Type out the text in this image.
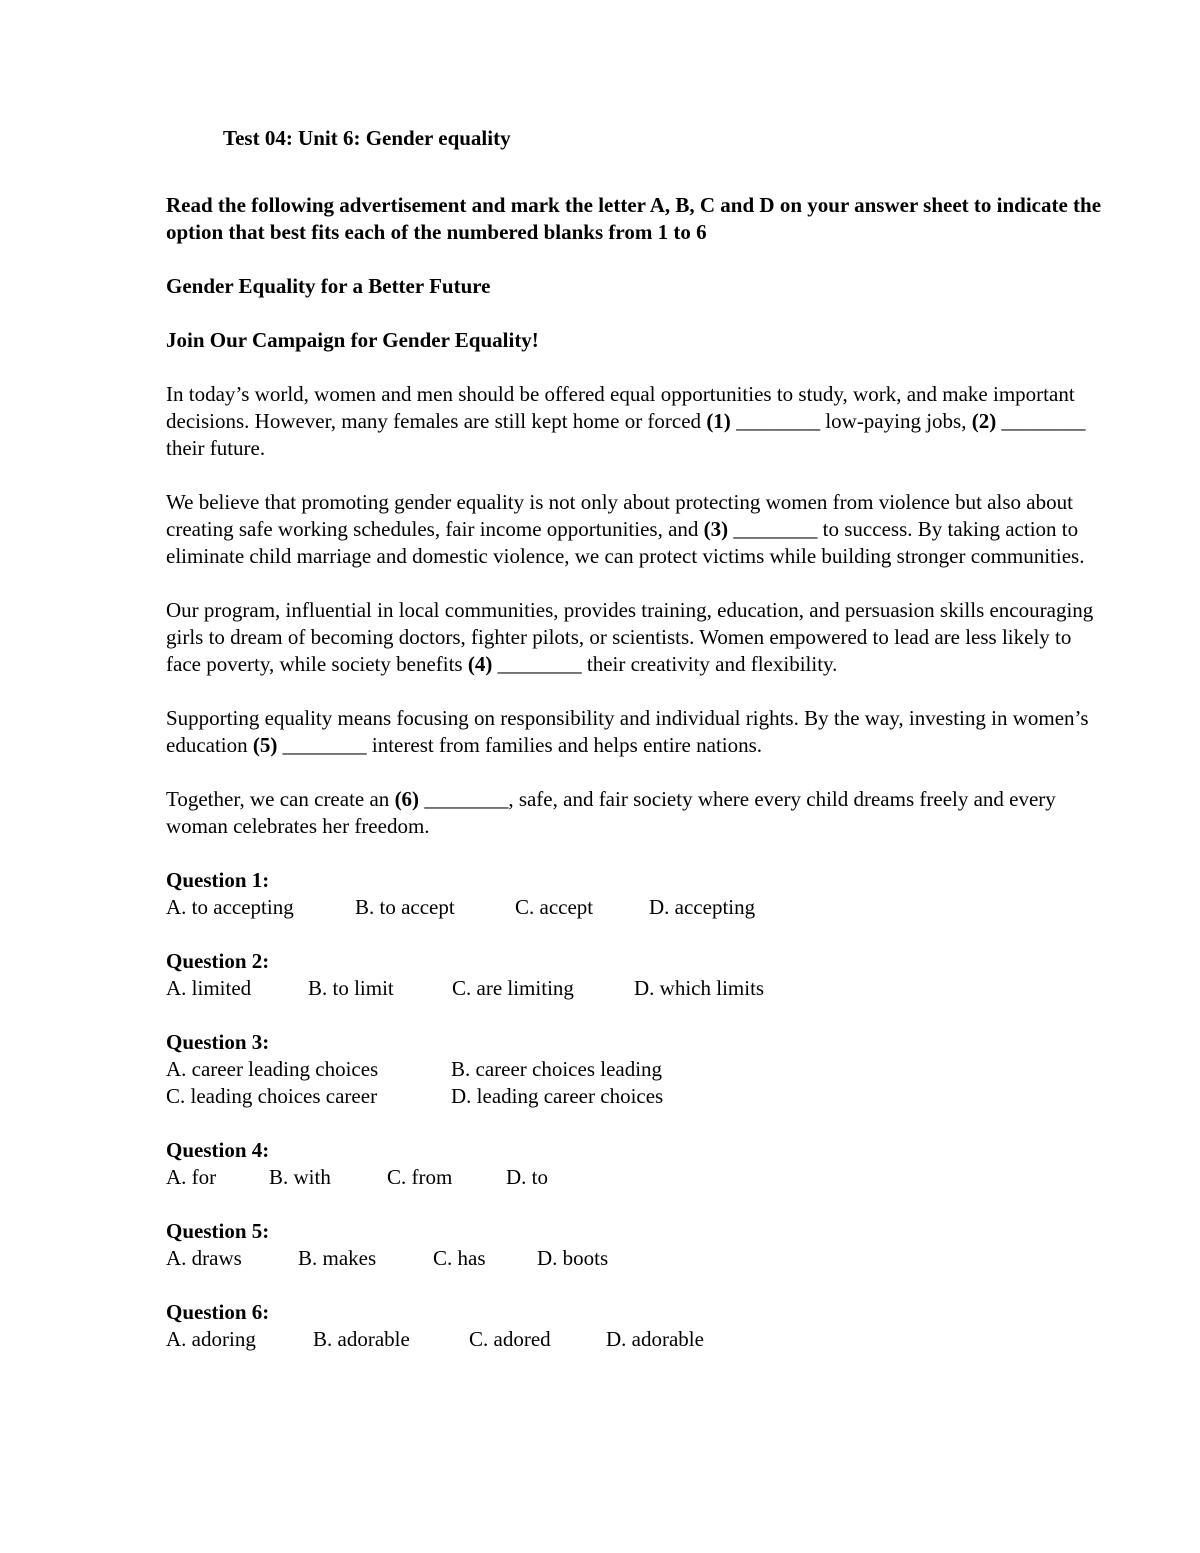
Test 04: Unit 6: Gender equality
Read the following advertisement and mark the letter A, B, C and D on your answer sheet to indicate the option that best fits each of the numbered blanks from 1 to 6
Gender Equality for a Better Future
Join Our Campaign for Gender Equality!
In today’s world, women and men should be offered equal opportunities to study, work, and make important decisions. However, many females are still kept home or forced (1) ________ low-paying jobs, (2) ________ their future.
We believe that promoting gender equality is not only about protecting women from violence but also about creating safe working schedules, fair income opportunities, and (3) ________ to success. By taking action to eliminate child marriage and domestic violence, we can protect victims while building stronger communities.
Our program, influential in local communities, provides training, education, and persuasion skills encouraging girls to dream of becoming doctors, fighter pilots, or scientists. Women empowered to lead are less likely to face poverty, while society benefits (4) ________ their creativity and flexibility.
Supporting equality means focusing on responsibility and individual rights. By the way, investing in women’s education (5) ________ interest from families and helps entire nations.
Together, we can create an (6) ________, safe, and fair society where every child dreams freely and every woman celebrates her freedom.
Question 1:
A. to accepting	B. to accept	C. accept	D. accepting
Question 2:
A. limited	B. to limit	C. are limiting	D. which limits
Question 3:
A. career leading choices	B. career choices leading
C. leading choices career	D. leading career choices
Question 4:
A. for	B. with	C. from	D. to
Question 5:
A. draws	B. makes	C. has	D. boots
Question 6:
A. adoring	B. adorable	C. adored	D. adorable
